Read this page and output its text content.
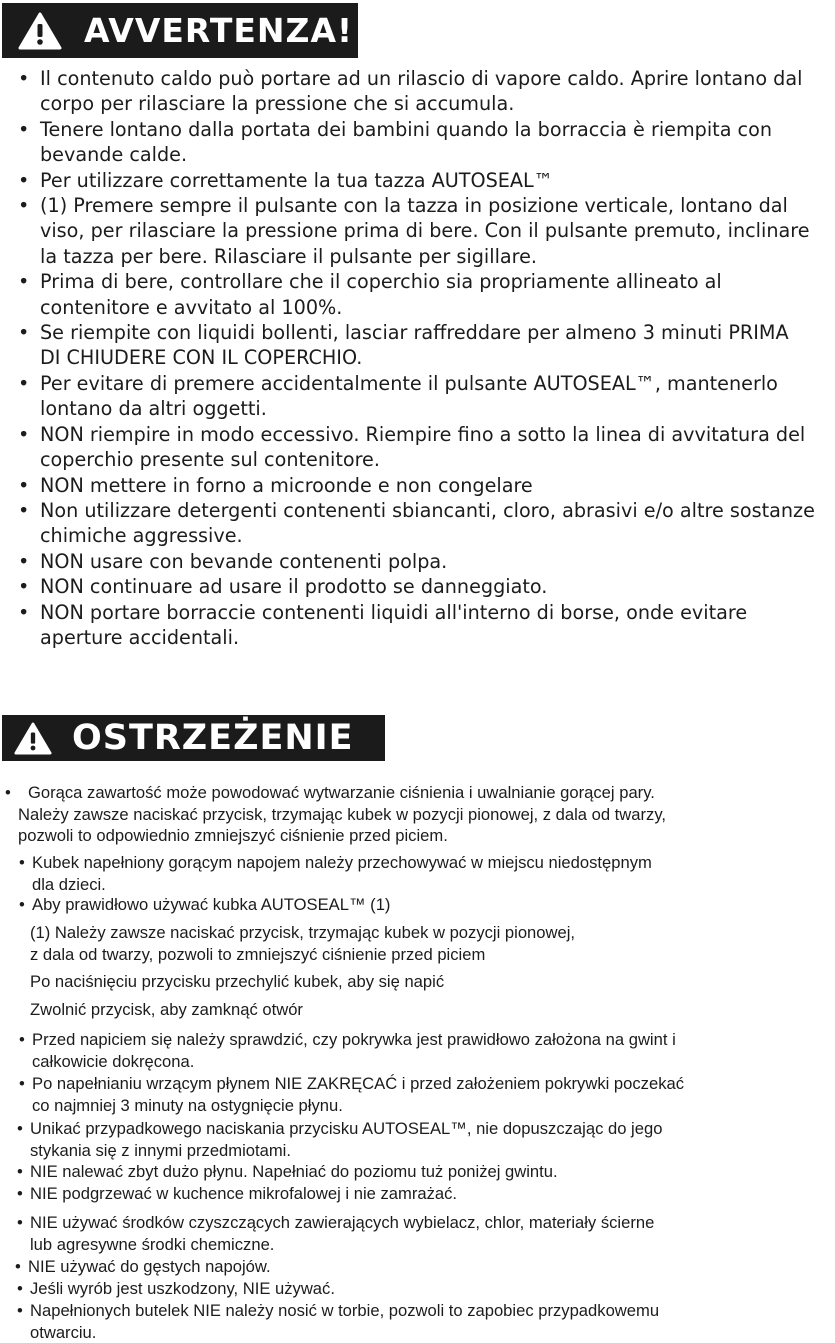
AVVERTENZA!
• Il contenuto caldo può portare ad un rilascio di vapore caldo. Aprire lontano dal
corpo per rilasciare la pressione che si accumula.
• Tenere lontano dalla portata dei bambini quando la borraccia è riempita con
bevande calde.
• Per utilizzare correttamente la tua tazza AUTOSEAL™
• (1) Premere sempre il pulsante con la tazza in posizione verticale, lontano dal
viso, per rilasciare la pressione prima di bere. Con il pulsante premuto, inclinare
la tazza per bere. Rilasciare il pulsante per sigillare.
• Prima di bere, controllare che il coperchio sia propriamente allineato al
contenitore e avvitato al 100%.
• Se riempite con liquidi bollenti, lasciar raffreddare per almeno 3 minuti PRIMA
DI CHIUDERE CON IL COPERCHIO.
• Per evitare di premere accidentalmente il pulsante AUTOSEAL™, mantenerlo
lontano da altri oggetti.
• NON riempire in modo eccessivo. Riempire fino a sotto la linea di avvitatura del
coperchio presente sul contenitore.
• NON mettere in forno a microonde e non congelare
• Non utilizzare detergenti contenenti sbiancanti, cloro, abrasivi e/o altre sostanze
chimiche aggressive.
• NON usare con bevande contenenti polpa.
• NON continuare ad usare il prodotto se danneggiato.
• NON portare borraccie contenenti liquidi all'interno di borse, onde evitare
aperture accidentali.
OSTRZEŻENIE
• Gorąca zawartość może powodować wytwarzanie ciśnienia i uwalnianie gorącej pary.
Należy zawsze naciskać przycisk, trzymając kubek w pozycji pionowej, z dala od twarzy,
pozwoli to odpowiednio zmniejszyć ciśnienie przed piciem.
• Kubek napełniony gorącym napojem należy przechowywać w miejscu niedostępnym
dla dzieci.
• Aby prawidłowo używać kubka AUTOSEAL™ (1)
(1) Należy zawsze naciskać przycisk, trzymając kubek w pozycji pionowej,
z dala od twarzy, pozwoli to zmniejszyć ciśnienie przed piciem
Po naciśnięciu przycisku przechylić kubek, aby się napić
Zwolnić przycisk, aby zamknąć otwór
• Przed napiciem się należy sprawdzić, czy pokrywka jest prawidłowo założona na gwint i
całkowicie dokręcona.
• Po napełnianiu wrzącym płynem NIE ZAKRĘCAĆ i przed założeniem pokrywki poczekać
co najmniej 3 minuty na ostygnięcie płynu.
• Unikać przypadkowego naciskania przycisku AUTOSEAL™, nie dopuszczając do jego
stykania się z innymi przedmiotami.
• NIE nalewać zbyt dużo płynu. Napełniać do poziomu tuż poniżej gwintu.
• NIE podgrzewać w kuchence mikrofalowej i nie zamrażać.
• NIE używać środków czyszczących zawierających wybielacz, chlor, materiały ścierne
lub agresywne środki chemiczne.
• NIE używać do gęstych napojów.
• Jeśli wyrób jest uszkodzony, NIE używać.
• Napełnionych butelek NIE należy nosić w torbie, pozwoli to zapobiec przypadkowemu
otwarciu.
